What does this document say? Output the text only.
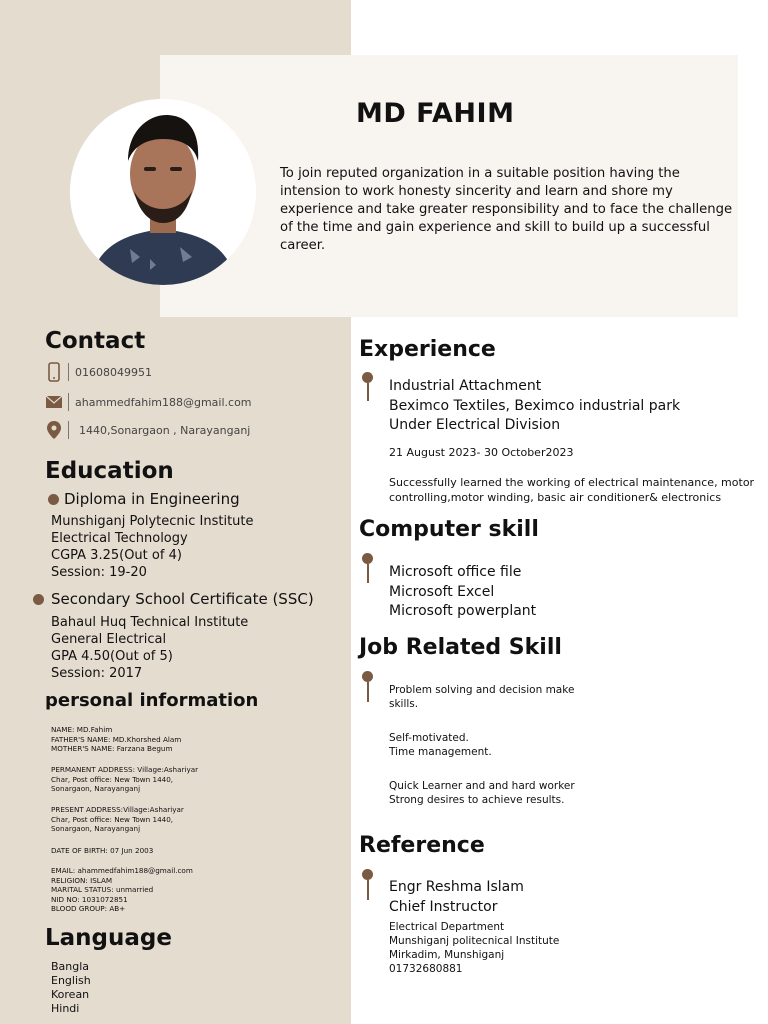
MD FAHIM

To join reputed organization in a suitable position having the intension to work honesty sincerity and learn and shore my experience and take greater responsibility and to face the challenge of the time and gain experience and skill to build up a successful career.

Contact
01608049951
ahammedfahim188@gmail.com
1440,Sonargaon , Narayanganj
Education
Diploma in Engineering
Munshiganj Polytecnic Institute
Electrical Technology
CGPA 3.25(Out of 4)
Session: 19-20
Secondary School Certificate (SSC)
Bahaul Huq Technical Institute
General Electrical
GPA 4.50(Out of 5)
Session: 2017
personal information

NAME: MD.Fahim
FATHER'S NAME: MD.Khorshed Alam
MOTHER'S NAME: Farzana Begum

PERMANENT ADDRESS: Village:Ashariyar
Char, Post office: New Town 1440,
Sonargaon, Narayanganj

PRESENT ADDRESS:Village:Ashariyar
Char, Post office: New Town 1440,
Sonargaon, Narayanganj

DATE OF BIRTH: 07 Jun 2003

EMAIL: ahammedfahim188@gmail.com
RELIGION: ISLAM
MARITAL STATUS: unmarried
NID NO: 1031072851
BLOOD GROUP: AB+

Language
Bangla
English
Korean
Hindi
Experience
Industrial Attachment
Beximco Textiles, Beximco industrial park
Under Electrical Division

21 August 2023- 30 October2023

Successfully learned the working of electrical maintenance, motor controlling,motor winding, basic air conditioner& electronics

Computer skill
Microsoft office file
Microsoft Excel
Microsoft powerplant
Job Related Skill

Problem solving and decision make skills.

Self-motivated.
Time management.

Quick Learner and and hard worker Strong desires to achieve results.

Reference
Engr Reshma Islam
Chief Instructor

Electrical Department
Munshiganj politecnical Institute
Mirkadim, Munshiganj
01732680881
